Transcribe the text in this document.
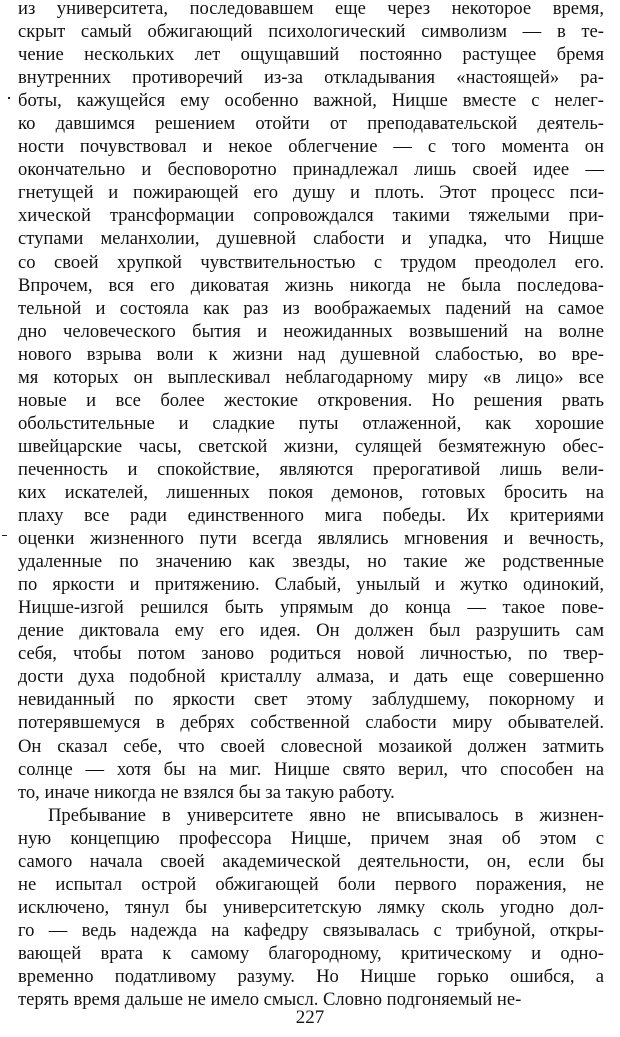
из университета, последовавшем еще через некоторое время,
скрыт самый обжигающий психологический символизм — в те-
чение нескольких лет ощущавший постоянно растущее бремя
внутренних противоречий из-за откладывания «настоящей» ра-
боты, кажущейся ему особенно важной, Ницше вместе с нелег-
ко давшимся решением отойти от преподавательской деятель-
ности почувствовал и некое облегчение — с того момента он
окончательно и бесповоротно принадлежал лишь своей идее —
гнетущей и пожирающей его душу и плоть. Этот процесс пси-
хической трансформации сопровождался такими тяжелыми при-
ступами меланхолии, душевной слабости и упадка, что Ницше
со своей хрупкой чувствительностью с трудом преодолел его.
Впрочем, вся его диковатая жизнь никогда не была последова-
тельной и состояла как раз из воображаемых падений на самое
дно человеческого бытия и неожиданных возвышений на волне
нового взрыва воли к жизни над душевной слабостью, во вре-
мя которых он выплескивал неблагодарному миру «в лицо» все
новые и все более жестокие откровения. Но решения рвать
обольстительные и сладкие путы отлаженной, как хорошие
швейцарские часы, светской жизни, сулящей безмятежную обес-
печенность и спокойствие, являются прерогативой лишь вели-
ких искателей, лишенных покоя демонов, готовых бросить на
плаху все ради единственного мига победы. Их критериями
оценки жизненного пути всегда являлись мгновения и вечность,
удаленные по значению как звезды, но такие же родственные
по яркости и притяжению. Слабый, унылый и жутко одинокий,
Ницше-изгой решился быть упрямым до конца — такое пове-
дение диктовала ему его идея. Он должен был разрушить сам
себя, чтобы потом заново родиться новой личностью, по твер-
дости духа подобной кристаллу алмаза, и дать еще совершенно
невиданный по яркости свет этому заблудшему, покорному и
потерявшемуся в дебрях собственной слабости миру обывателей.
Он сказал себе, что своей словесной мозаикой должен затмить
солнце — хотя бы на миг. Ницше свято верил, что способен на
то, иначе никогда не взялся бы за такую работу.
Пребывание в университете явно не вписывалось в жизнен-
ную концепцию профессора Ницше, причем зная об этом с
самого начала своей академической деятельности, он, если бы
не испытал острой обжигающей боли первого поражения, не
исключено, тянул бы университетскую лямку сколь угодно дол-
го — ведь надежда на кафедру связывалась с трибуной, откры-
вающей врата к самому благородному, критическому и одно-
временно податливому разуму. Но Ницше горько ошибся, а
терять время дальше не имело смысл. Словно подгоняемый не-
227
